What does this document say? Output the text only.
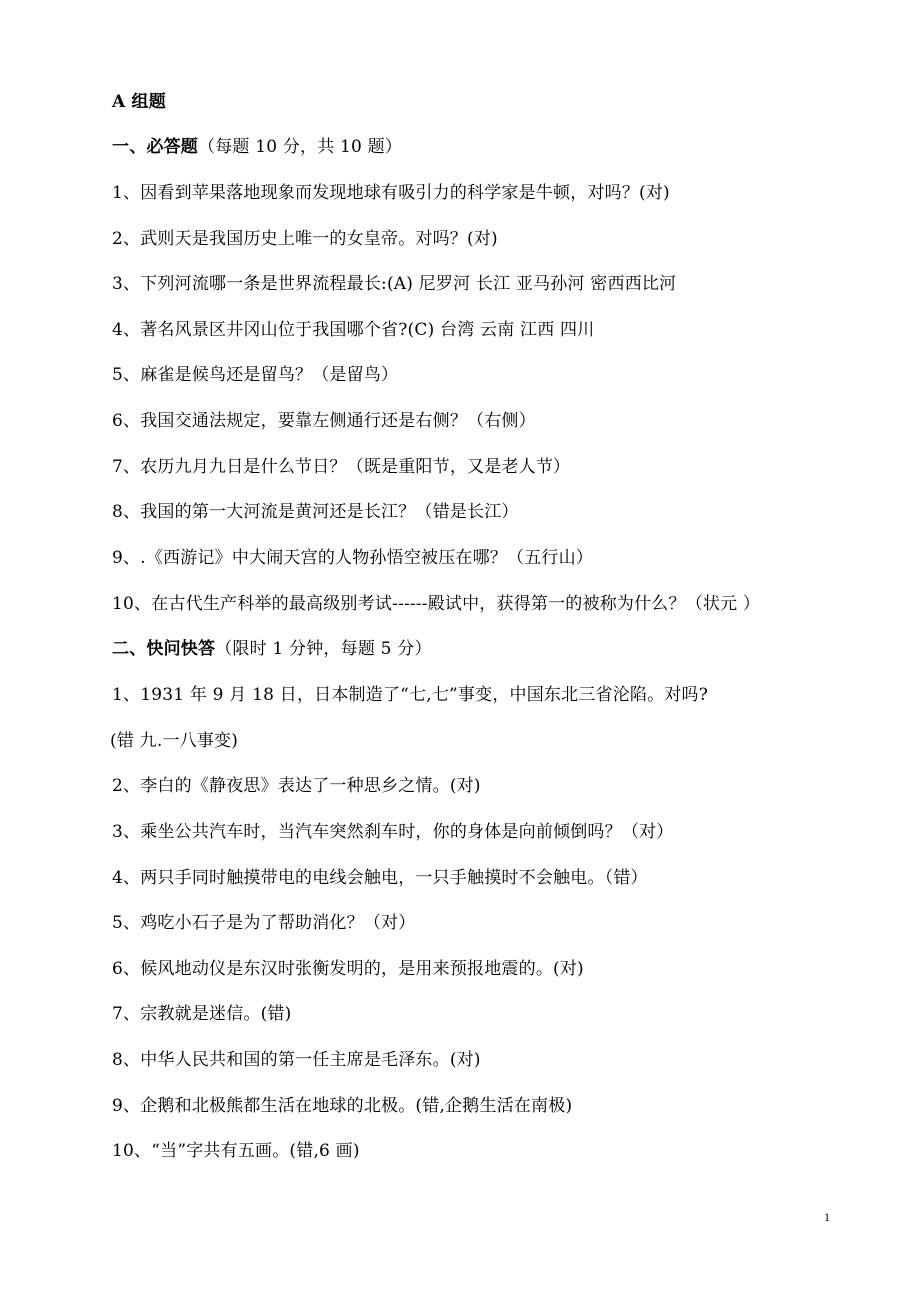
A 组题
一、必答题（每题 10 分，共 10 题）
1、因看到苹果落地现象而发现地球有吸引力的科学家是牛顿，对吗？(对)
2、武则天是我国历史上唯一的女皇帝。对吗？(对)
3、下列河流哪一条是世界流程最长:(A) 尼罗河 长江 亚马孙河 密西西比河
4、著名风景区井冈山位于我国哪个省?(C) 台湾 云南 江西 四川
5、麻雀是候鸟还是留鸟？（是留鸟）
6、我国交通法规定，要靠左侧通行还是右侧？（右侧）
7、农历九月九日是什么节日？（既是重阳节，又是老人节）
8、我国的第一大河流是黄河还是长江？（错是长江）
9、.《西游记》中大闹天宫的人物孙悟空被压在哪？（五行山）
10、在古代生产科举的最高级别考试------殿试中，获得第一的被称为什么？（状元 ）
二、快问快答（限时 1 分钟，每题 5 分）
1、1931 年 9 月 18 日，日本制造了“七,七”事变，中国东北三省沦陷。对吗?
(错 九.一八事变)
2、李白的《静夜思》表达了一种思乡之情。(对)
3、乘坐公共汽车时，当汽车突然刹车时，你的身体是向前倾倒吗？（对）
4、两只手同时触摸带电的电线会触电，一只手触摸时不会触电。（错）
5、鸡吃小石子是为了帮助消化？（对）
6、候风地动仪是东汉时张衡发明的，是用来预报地震的。(对)
7、宗教就是迷信。(错)
8、中华人民共和国的第一任主席是毛泽东。(对)
9、企鹅和北极熊都生活在地球的北极。(错,企鹅生活在南极)
10、“当”字共有五画。(错,6 画)
1
